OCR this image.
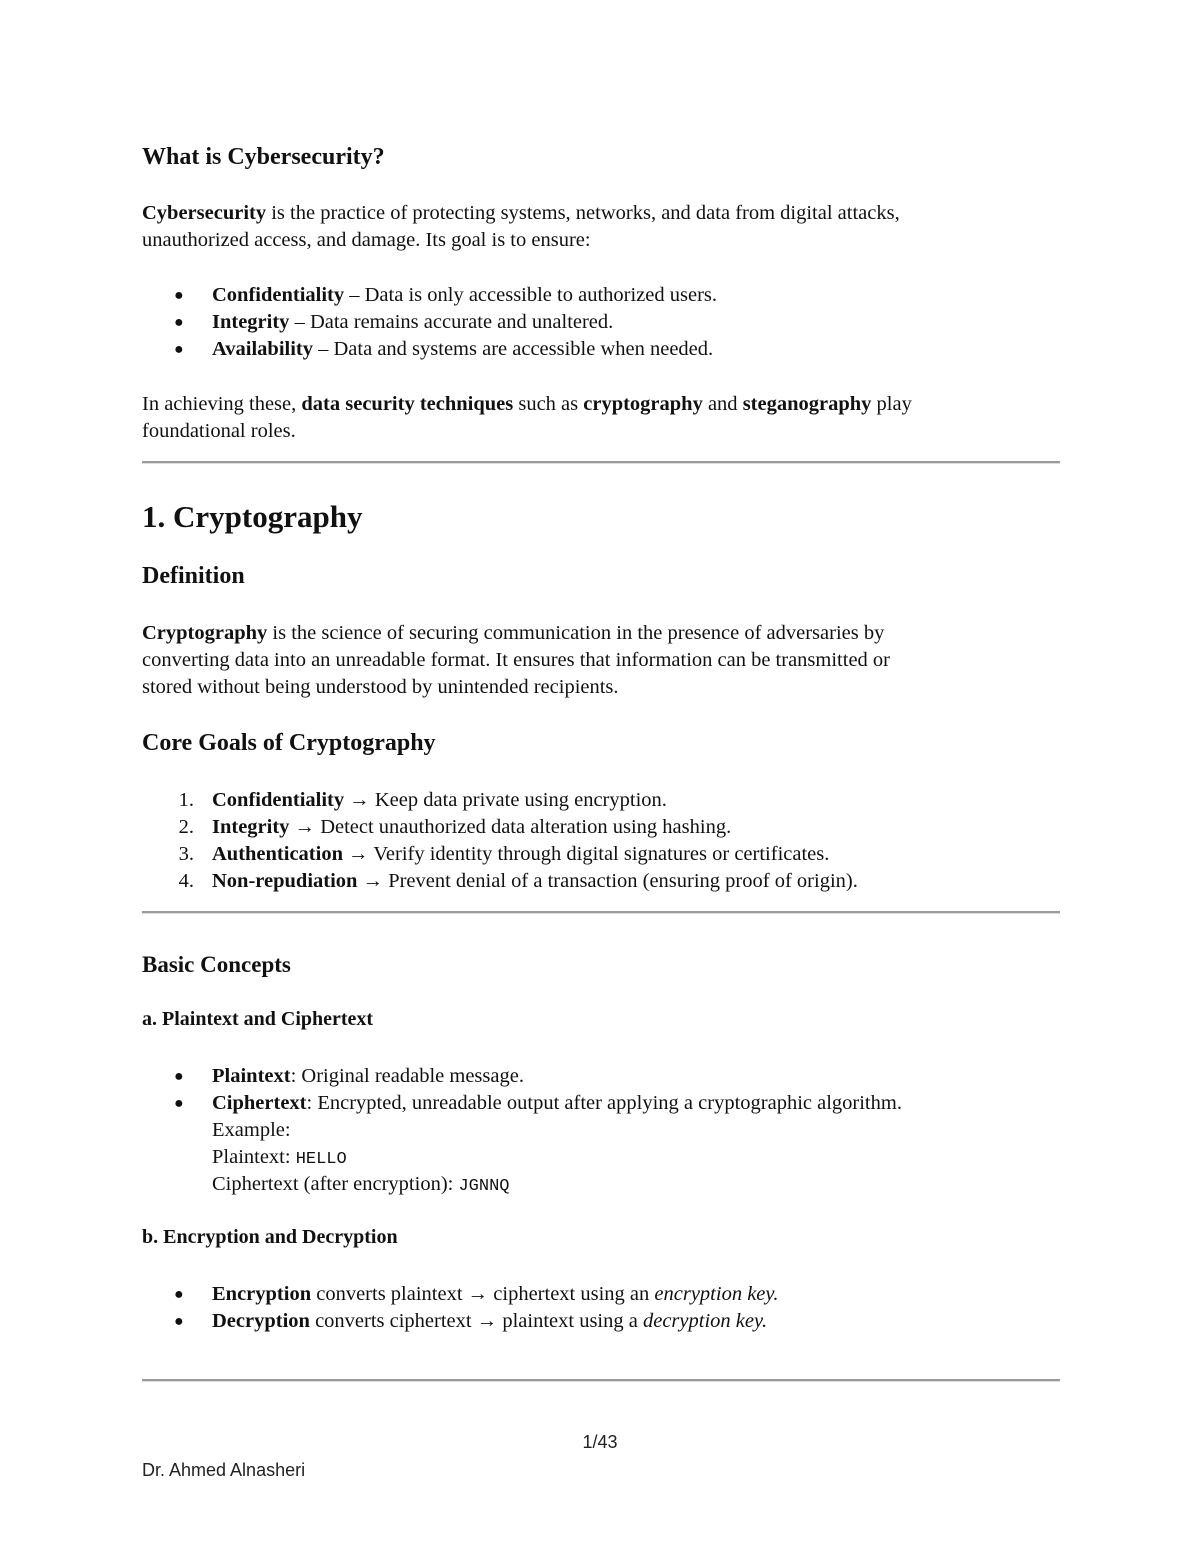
What is Cybersecurity?
Cybersecurity is the practice of protecting systems, networks, and data from digital attacks,
unauthorized access, and damage. Its goal is to ensure:
● Confidentiality – Data is only accessible to authorized users.
● Integrity – Data remains accurate and unaltered.
● Availability – Data and systems are accessible when needed.
In achieving these, data security techniques such as cryptography and steganography play
foundational roles.
1. Cryptography
Definition
Cryptography is the science of securing communication in the presence of adversaries by
converting data into an unreadable format. It ensures that information can be transmitted or
stored without being understood by unintended recipients.
Core Goals of Cryptography
1. Confidentiality → Keep data private using encryption.
2. Integrity → Detect unauthorized data alteration using hashing.
3. Authentication → Verify identity through digital signatures or certificates.
4. Non-repudiation → Prevent denial of a transaction (ensuring proof of origin).
Basic Concepts
a. Plaintext and Ciphertext
● Plaintext: Original readable message.
● Ciphertext: Encrypted, unreadable output after applying a cryptographic algorithm.
Example:
Plaintext: HELLO
Ciphertext (after encryption): JGNNQ
b. Encryption and Decryption
● Encryption converts plaintext → ciphertext using an encryption key.
● Decryption converts ciphertext → plaintext using a decryption key.
1/43
Dr. Ahmed Alnasheri
